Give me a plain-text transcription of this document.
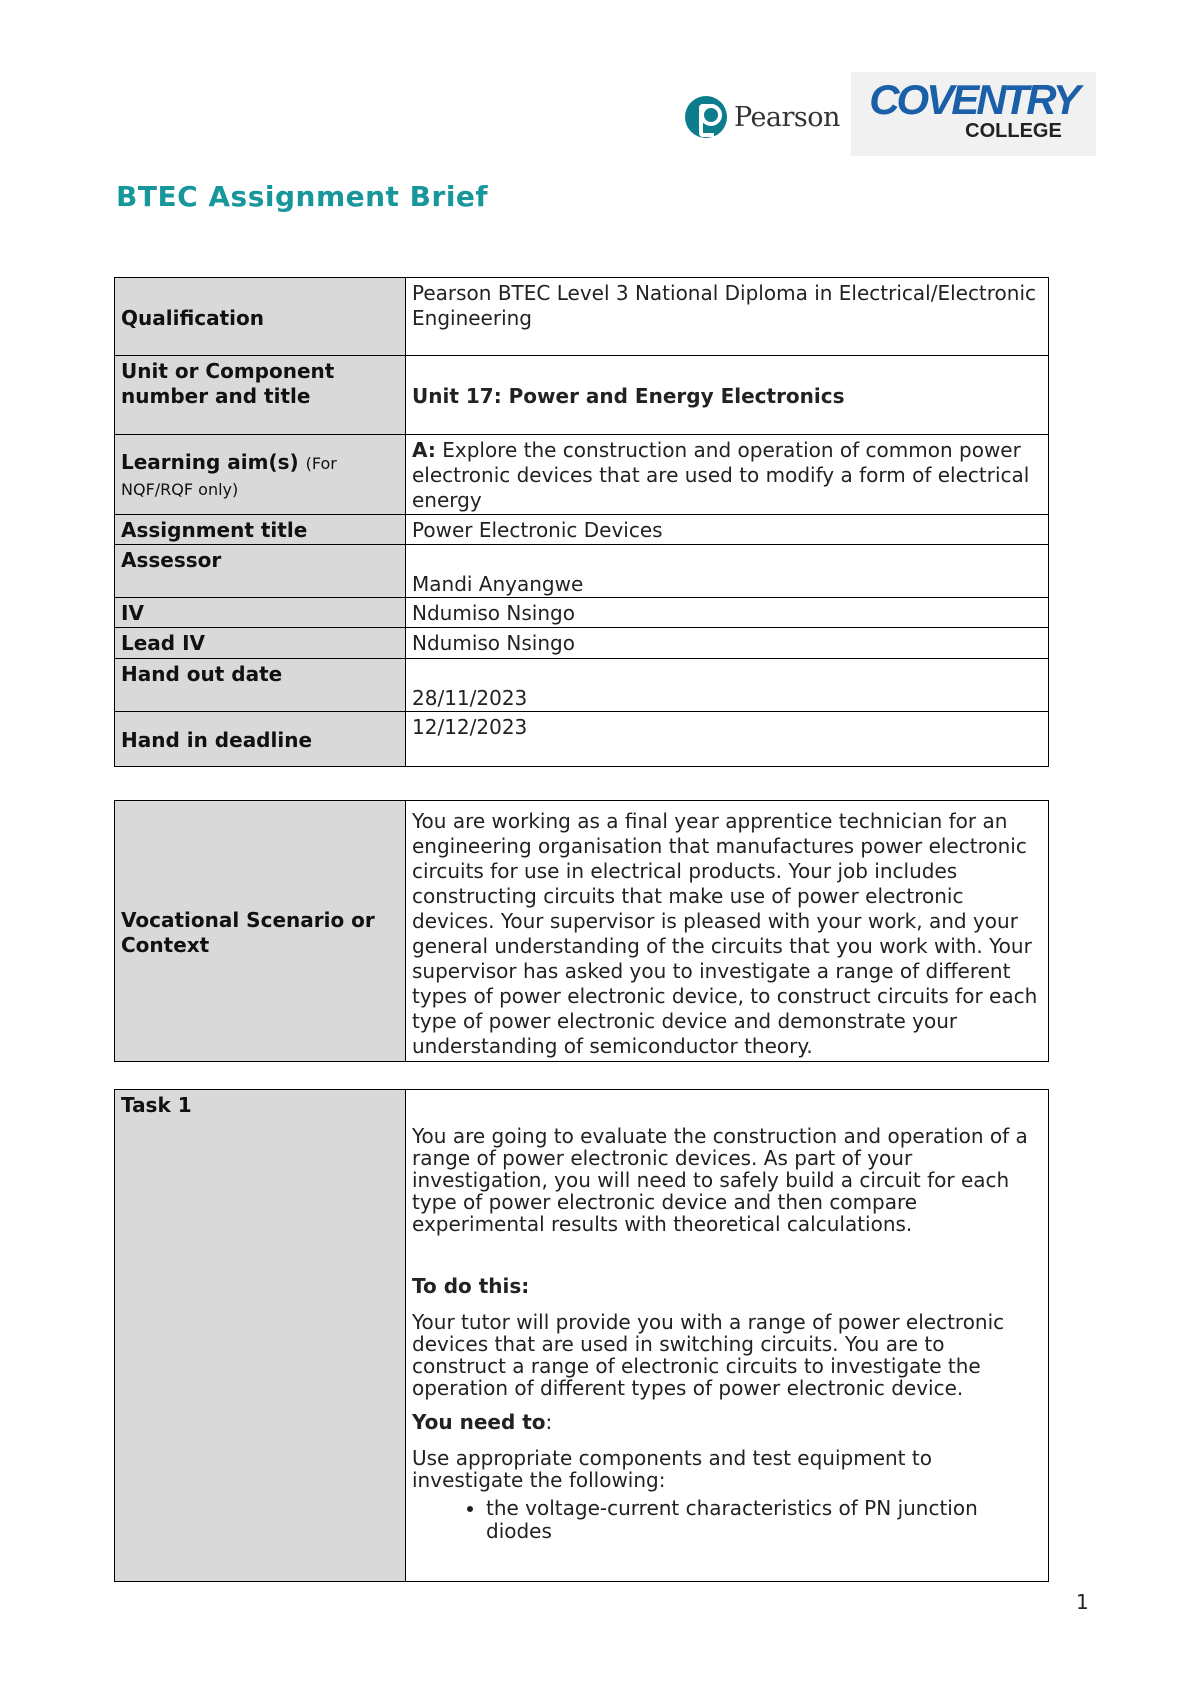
Pearson COVENTRY
COLLEGE
BTEC Assignment Brief
Qualification	Pearson BTEC Level 3 National Diploma in Electrical/Electronic Engineering
Unit or Component number and title	Unit 17: Power and Energy Electronics
Learning aim(s) (For NQF/RQF only)	A: Explore the construction and operation of common power electronic devices that are used to modify a form of electrical energy
Assignment title	Power Electronic Devices
Assessor	Mandi Anyangwe
IV	Ndumiso Nsingo
Lead IV	Ndumiso Nsingo
Hand out date	28/11/2023
Hand in deadline	12/12/2023
Vocational Scenario or Context	You are working as a final year apprentice technician for an engineering organisation that manufactures power electronic circuits for use in electrical products. Your job includes constructing circuits that make use of power electronic devices. Your supervisor is pleased with your work, and your general understanding of the circuits that you work with. Your supervisor has asked you to investigate a range of different types of power electronic device, to construct circuits for each type of power electronic device and demonstrate your understanding of semiconductor theory.
Task 1	

You are going to evaluate the construction and operation of a range of power electronic devices. As part of your investigation, you will need to safely build a circuit for each type of power electronic device and then compare experimental results with theoretical calculations.

To do this:

Your tutor will provide you with a range of power electronic devices that are used in switching circuits. You are to construct a range of electronic circuits to investigate the operation of different types of power electronic device.

You need to:

Use appropriate components and test equipment to investigate the following:

• the voltage-current characteristics of PN junction diodes
1
